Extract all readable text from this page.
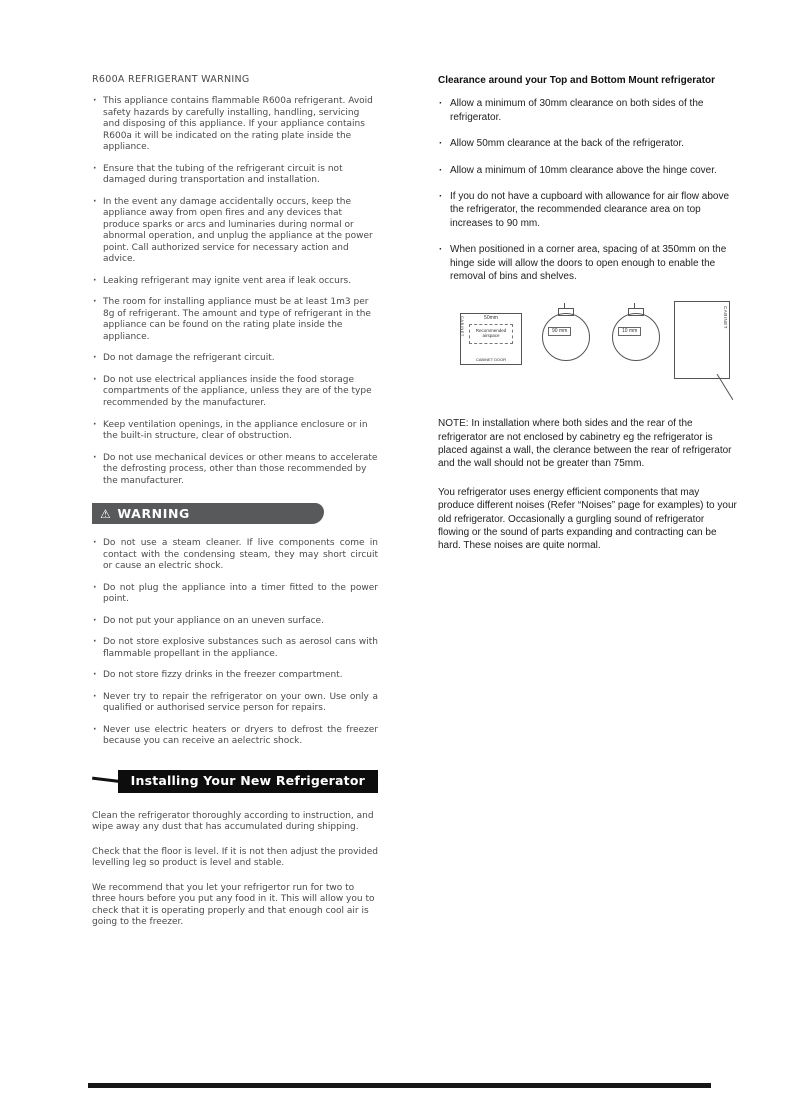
R600A REFRIGERANT WARNING
· This appliance contains flammable R600a refrigerant. Avoid safety hazards by carefully installing, handling, servicing and disposing of this appliance. If your appliance contains R600a it will be indicated on the rating plate inside the appliance.
· Ensure that the tubing of the refrigerant circuit is not damaged during transportation and installation.
· In the event any damage accidentally occurs, keep the appliance away from open fires and any devices that produce sparks or arcs and luminaries during normal or abnormal operation, and unplug the appliance at the power point. Call authorized service for necessary action and advice.
· Leaking refrigerant may ignite vent area if leak occurs.
· The room for installing appliance must be at least 1m3 per 8g of refrigerant. The amount and type of refrigerant in the appliance can be found on the rating plate inside the appliance.
· Do not damage the refrigerant circuit.
· Do not use electrical appliances inside the food storage compartments of the appliance, unless they are of the type recommended by the manufacturer.
· Keep ventilation openings, in the appliance enclosure or in the built-in structure, clear of obstruction.
· Do not use mechanical devices or other means to accelerate the defrosting process, other than those recommended by the manufacturer.
⚠ WARNING
· Do not use a steam cleaner. If live components come in contact with the condensing steam, they may short circuit or cause an electric shock.
· Do not plug the appliance into a timer fitted to the power point.
· Do not put your appliance on an uneven surface.
· Do not store explosive substances such as aerosol cans with flammable propellant in the appliance.
· Do not store fizzy drinks in the freezer compartment.
· Never try to repair the refrigerator on your own. Use only a qualified or authorised service person for repairs.
· Never use electric heaters or dryers to defrost the freezer because you can receive an aelectric shock.
Installing Your New Refrigerator

Clean the refrigerator thoroughly according to instruction, and wipe away any dust that has accumulated during shipping.

Check that the floor is level. If it is not then adjust the provided levelling leg so product is level and stable.

We recommend that you let your refrigertor run for two to three hours before you put any food in it. This will allow you to check that it is operating properly and that enough cool air is going to the freezer.

Clearance around your Top and Bottom Mount refrigerator
· Allow a minimum of 30mm clearance on both sides of the refrigerator.
· Allow 50mm clearance at the back of the refrigerator.
· Allow a minimum of 10mm clearance above the hinge cover.
· If you do not have a cupboard with allowance for air flow above the refrigerator, the recommended clearance area on top increases to 90 mm.
· When positioned in a corner area, spacing of at 350mm on the hinge side will allow the doors to open enough to enable the removal of bins and shelves.
50mm
Recommended airspace
CABINET DOOR
CABINET	90 mm	10 mm
CABINET

NOTE: In installation where both sides and the rear of the refrigerator are not enclosed by cabinetry eg the refrigerator is placed against a wall, the clerance between the rear of refrigerator and the wall should not be greater than 75mm.

You refrigerator uses energy efficient components that may produce different noises (Refer “Noises” page for examples) to your old refrigerator. Occasionally a gurgling sound of refrigerator flowing or the sound of parts expanding and contracting can be hard. These noises are quite normal.
